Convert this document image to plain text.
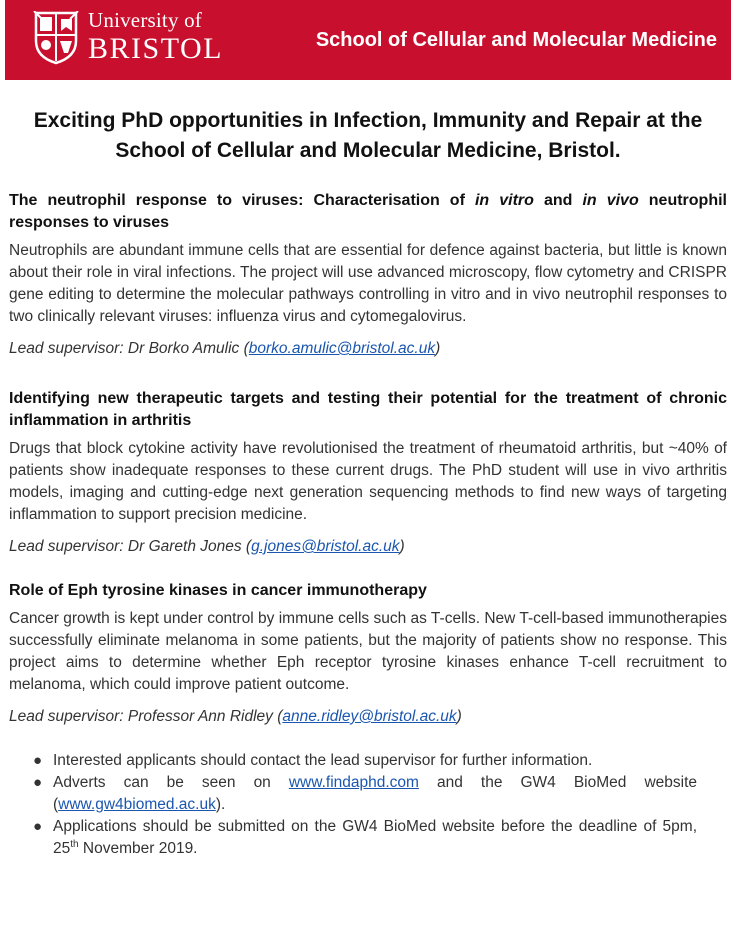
University of
BRISTOL	School of Cellular and Molecular Medicine
Exciting PhD opportunities in Infection, Immunity and Repair at the School of Cellular and Molecular Medicine, Bristol.
The neutrophil response to viruses: Characterisation of in vitro and in vivo neutrophil responses to viruses

Neutrophils are abundant immune cells that are essential for defence against bacteria, but little is known about their role in viral infections. The project will use advanced microscopy, flow cytometry and CRISPR gene editing to determine the molecular pathways controlling in vitro and in vivo neutrophil responses to two clinically relevant viruses: influenza virus and cytomegalovirus.

Lead supervisor: Dr Borko Amulic (borko.amulic@bristol.ac.uk)
Identifying new therapeutic targets and testing their potential for the treatment of chronic inflammation in arthritis

Drugs that block cytokine activity have revolutionised the treatment of rheumatoid arthritis, but ~40% of patients show inadequate responses to these current drugs. The PhD student will use in vivo arthritis models, imaging and cutting-edge next generation sequencing methods to find new ways of targeting inflammation to support precision medicine.

Lead supervisor: Dr Gareth Jones (g.jones@bristol.ac.uk)
Role of Eph tyrosine kinases in cancer immunotherapy

Cancer growth is kept under control by immune cells such as T-cells. New T-cell-based immunotherapies successfully eliminate melanoma in some patients, but the majority of patients show no response. This project aims to determine whether Eph receptor tyrosine kinases enhance T-cell recruitment to melanoma, which could improve patient outcome.

Lead supervisor: Professor Ann Ridley (anne.ridley@bristol.ac.uk)
● Interested applicants should contact the lead supervisor for further information.
● Adverts can be seen on www.findaphd.com and the GW4 BioMed website (www.gw4biomed.ac.uk).
● Applications should be submitted on the GW4 BioMed website before the deadline of 5pm, 25th November 2019.
